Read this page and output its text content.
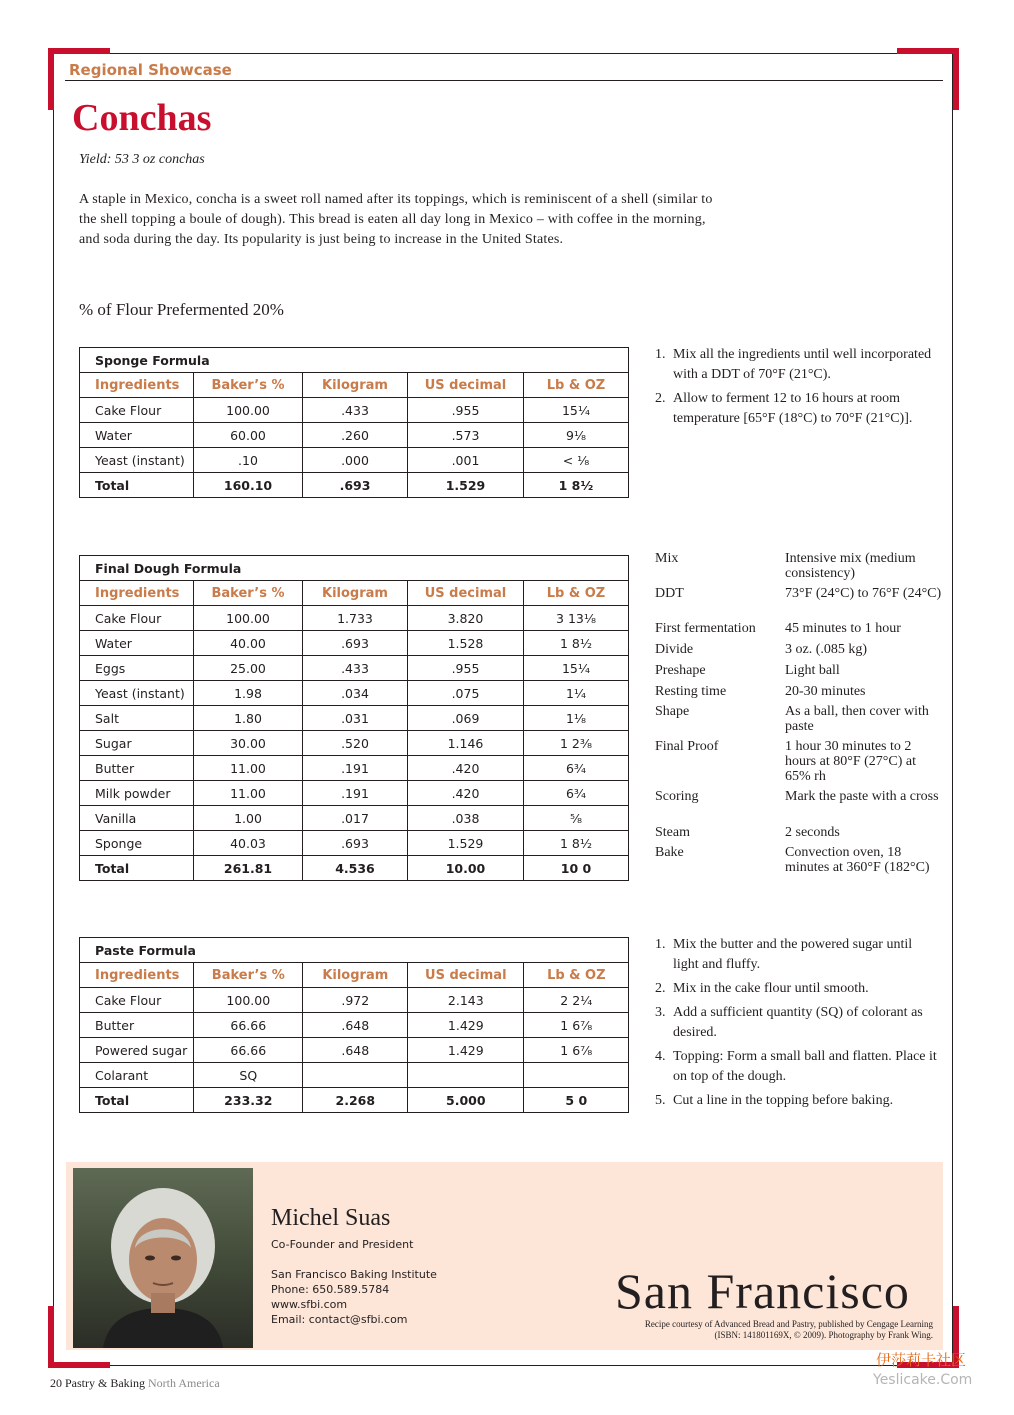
Regional Showcase
Conchas
Yield: 53 3 oz conchas

A staple in Mexico, concha is a sweet roll named after its toppings, which is reminiscent of a shell (similar to the shell topping a boule of dough). This bread is eaten all day long in Mexico – with coffee in the morning, and soda during the day. Its popularity is just being to increase in the United States.

% of Flour Prefermented 20%
Sponge Formula				
Ingredients	Baker’s %	Kilogram	US decimal	Lb & OZ
Cake Flour	100.00	.433	.955	15¹⁄₄
Water	60.00	.260	.573	9¹⁄₈
Yeast (instant)	.10	.000	.001	< ¹⁄₈
Total	160.10	.693	1.529	1 8¹⁄₂
Final Dough Formula				
Ingredients	Baker’s %	Kilogram	US decimal	Lb & OZ
Cake Flour	100.00	1.733	3.820	3 13¹⁄₈
Water	40.00	.693	1.528	1 8¹⁄₂
Eggs	25.00	.433	.955	15¹⁄₄
Yeast (instant)	1.98	.034	.075	1¹⁄₄
Salt	1.80	.031	.069	1¹⁄₈
Sugar	30.00	.520	1.146	1 2³⁄₈
Butter	11.00	.191	.420	6³⁄₄
Milk powder	11.00	.191	.420	6³⁄₄
Vanilla	1.00	.017	.038	⁵⁄₈
Sponge	40.03	.693	1.529	1 8¹⁄₂
Total	261.81	4.536	10.00	10 0
Paste Formula				
Ingredients	Baker’s %	Kilogram	US decimal	Lb & OZ
Cake Flour	100.00	.972	2.143	2 2¹⁄₄
Butter	66.66	.648	1.429	1 6⁷⁄₈
Powered sugar	66.66	.648	1.429	1 6⁷⁄₈
Colarant	SQ			
Total	233.32	2.268	5.000	5 0
1. Mix all the ingredients until well incorporated with a DDT of 70°F (21°C).
2. Allow to ferment 12 to 16 hours at room temperature [65°F (18°C) to 70°F (21°C)].
Mix	Intensive mix (medium consistency)
DDT	73°F (24°C) to 76°F (24°C)
First fermentation	45 minutes to 1 hour
Divide	3 oz. (.085 kg)
Preshape	Light ball
Resting time	20-30 minutes
Shape	As a ball, then cover with paste
Final Proof	1 hour 30 minutes to 2 hours at 80°F (27°C) at 65% rh
Scoring	Mark the paste with a cross
Steam	2 seconds
Bake	Convection oven, 18 minutes at 360°F (182°C)
1. Mix the butter and the powered sugar until light and fluffy.
2. Mix in the cake flour until smooth.
3. Add a sufficient quantity (SQ) of colorant as desired.
4. Topping: Form a small ball and flatten. Place it on top of the dough.
5. Cut a line in the topping before baking.
Michel Suas
Co-Founder and President
San Francisco Baking Institute
Phone: 650.589.5784
www.sfbi.com
Email: contact@sfbi.com
San Francisco
Recipe courtesy of Advanced Bread and Pastry, published by Cengage Learning
(ISBN: 141801169X, © 2009). Photography by Frank Wing.
20 Pastry & Baking North America
伊莎莉卡社区
Yeslicake.Com
